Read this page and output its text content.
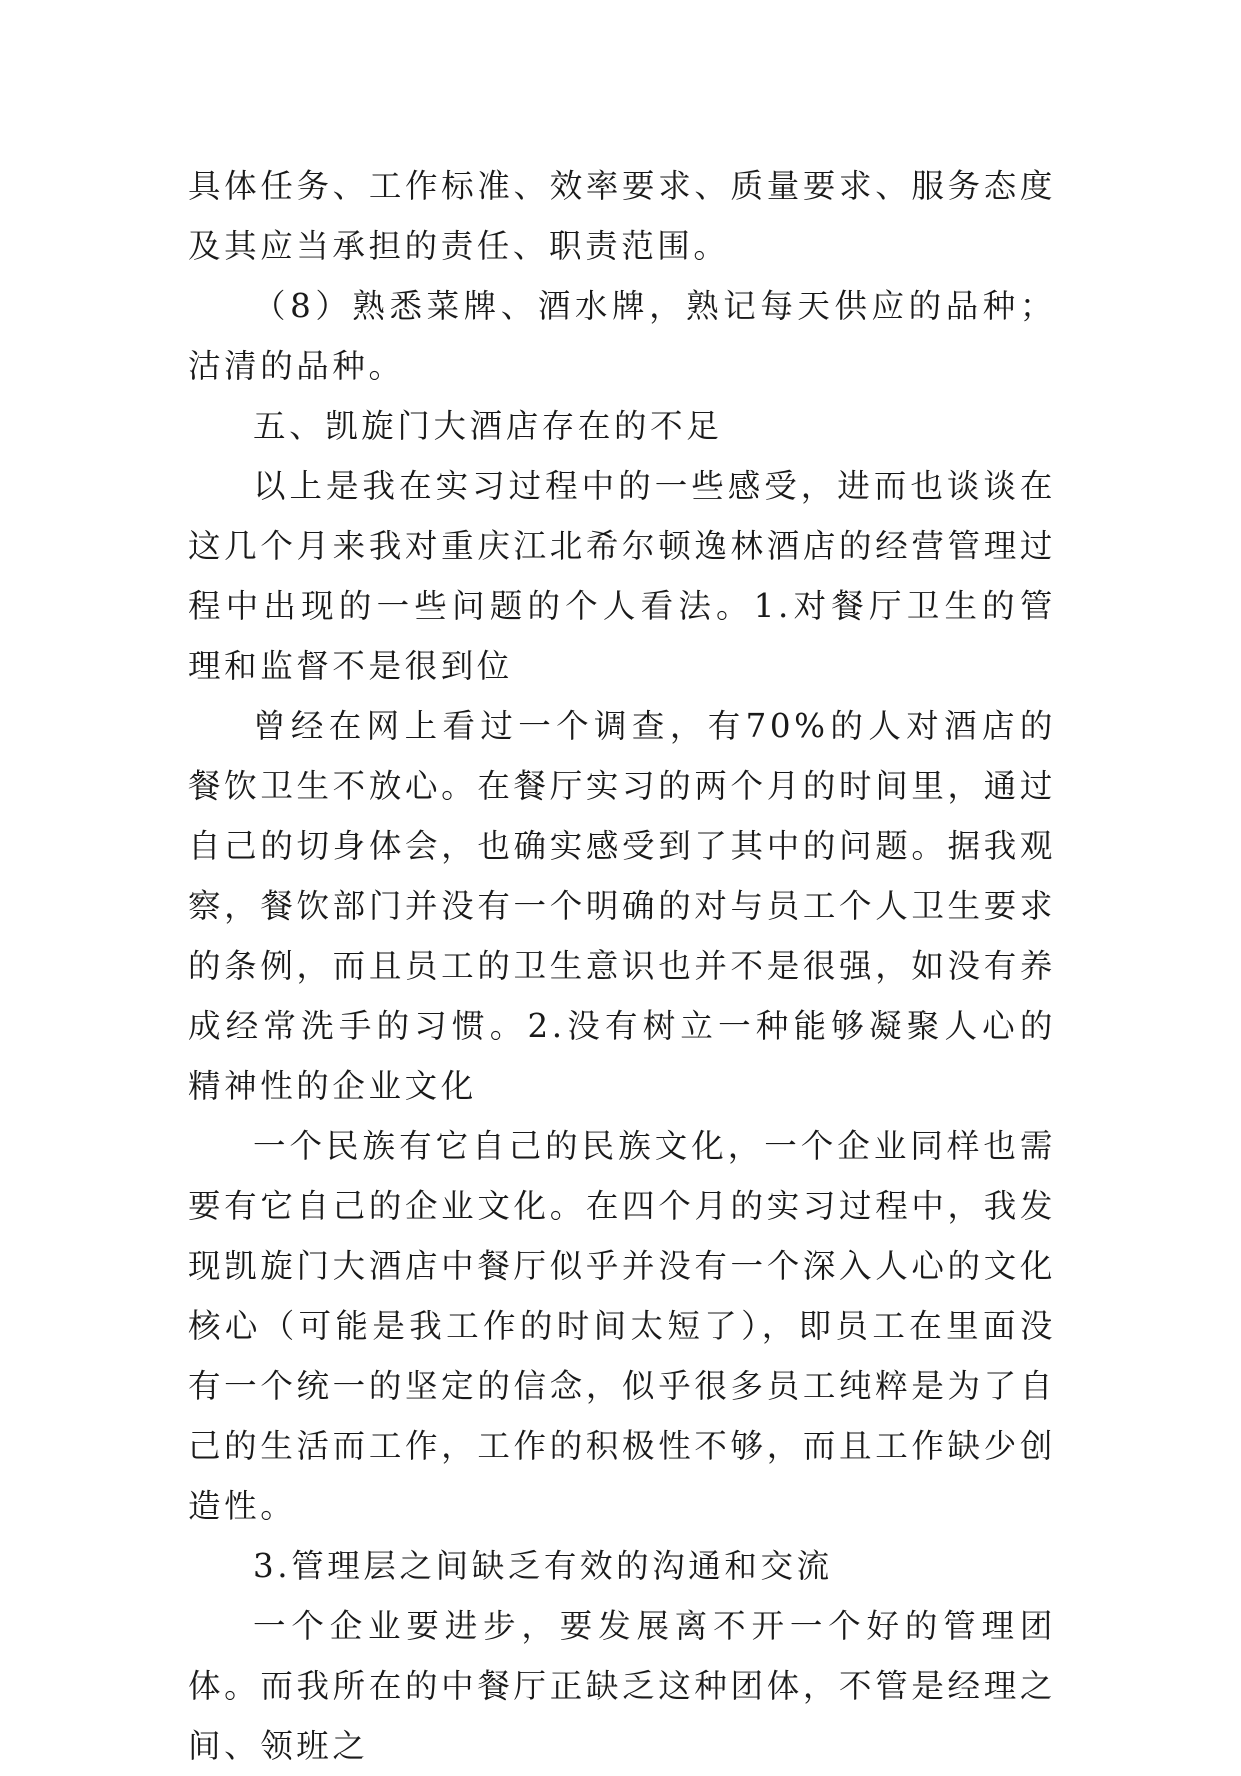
具体任务、工作标准、效率要求、质量要求、服务态度及其应当承担的责任、职责范围。

（8）熟悉菜牌、酒水牌，熟记每天供应的品种；沽清的品种。

五、凯旋门大酒店存在的不足

以上是我在实习过程中的一些感受，进而也谈谈在这几个月来我对重庆江北希尔顿逸林酒店的经营管理过程中出现的一些问题的个人看法。1.对餐厅卫生的管理和监督不是很到位

曾经在网上看过一个调查，有70%的人对酒店的餐饮卫生不放心。在餐厅实习的两个月的时间里，通过自己的切身体会，也确实感受到了其中的问题。据我观察，餐饮部门并没有一个明确的对与员工个人卫生要求的条例，而且员工的卫生意识也并不是很强，如没有养成经常洗手的习惯。2.没有树立一种能够凝聚人心的精神性的企业文化

一个民族有它自己的民族文化，一个企业同样也需要有它自己的企业文化。在四个月的实习过程中，我发现凯旋门大酒店中餐厅似乎并没有一个深入人心的文化核心（可能是我工作的时间太短了），即员工在里面没有一个统一的坚定的信念，似乎很多员工纯粹是为了自己的生活而工作，工作的积极性不够，而且工作缺少创造性。

3.管理层之间缺乏有效的沟通和交流

一个企业要进步，要发展离不开一个好的管理团体。而我所在的中餐厅正缺乏这种团体，不管是经理之间、领班之
